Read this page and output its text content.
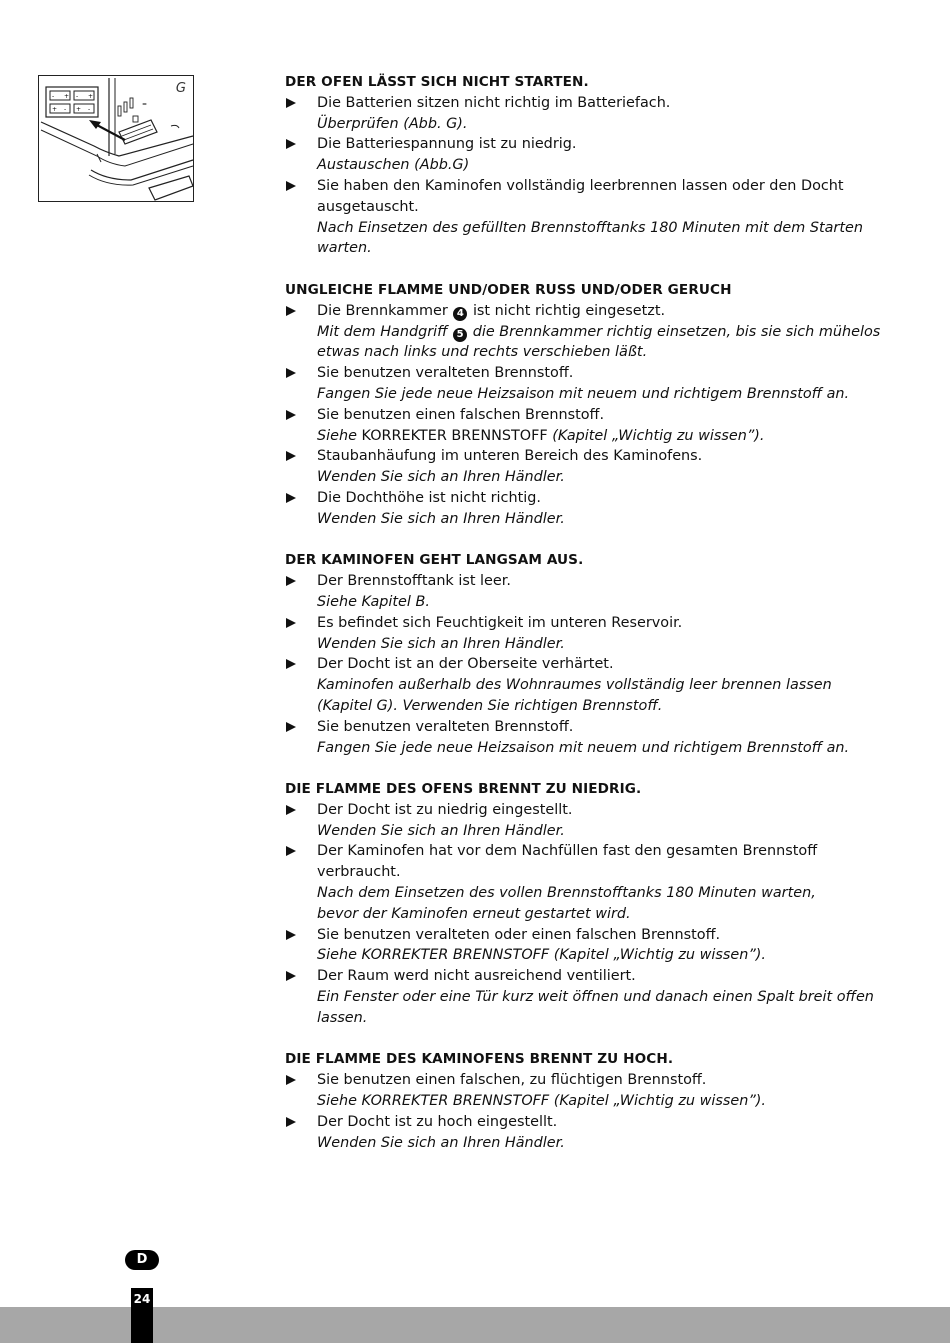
- + - +
+ - + -
=
G	DER OFEN LÄSST SICH NICHT STARTEN.
Die Batterien sitzen nicht richtig im Batteriefach.
Überprüfen (Abb. G).
Die Batteriespannung ist zu niedrig.
Austauschen (Abb.G)
Sie haben den Kaminofen vollständig leerbrennen lassen oder den Docht ausgetauscht.
Nach Einsetzen des gefüllten Brennstofftanks 180 Minuten mit dem Starten warten.
UNGLEICHE FLAMME UND/ODER RUSS UND/ODER GERUCH
Die Brennkammer 4 ist nicht richtig eingesetzt.
Mit dem Handgriff 5 die Brennkammer richtig einsetzen, bis sie sich mühelos etwas nach links und rechts verschieben läßt.
Sie benutzen veralteten Brennstoff.
Fangen Sie jede neue Heizsaison mit neuem und richtigem Brennstoff an.
Sie benutzen einen falschen Brennstoff.
Siehe KORREKTER BRENNSTOFF (Kapitel „Wichtig zu wissen”).
Staubanhäufung im unteren Bereich des Kaminofens.
Wenden Sie sich an Ihren Händler.
Die Dochthöhe ist nicht richtig.
Wenden Sie sich an Ihren Händler.
DER KAMINOFEN GEHT LANGSAM AUS.
Der Brennstofftank ist leer.
Siehe Kapitel B.
Es befindet sich Feuchtigkeit im unteren Reservoir.
Wenden Sie sich an Ihren Händler.
Der Docht ist an der Oberseite verhärtet.
Kaminofen außerhalb des Wohnraumes vollständig leer brennen lassen (Kapitel G). Verwenden Sie richtigen Brennstoff.
Sie benutzen veralteten Brennstoff.
Fangen Sie jede neue Heizsaison mit neuem und richtigem Brennstoff an.
DIE FLAMME DES OFENS BRENNT ZU NIEDRIG.
Der Docht ist zu niedrig eingestellt.
Wenden Sie sich an Ihren Händler.
Der Kaminofen hat vor dem Nachfüllen fast den gesamten Brennstoff verbraucht.
Nach dem Einsetzen des vollen Brennstofftanks 180 Minuten warten,
bevor der Kaminofen erneut gestartet wird.
Sie benutzen veralteten oder einen falschen Brennstoff.
Siehe KORREKTER BRENNSTOFF (Kapitel „Wichtig zu wissen”).
Der Raum werd nicht ausreichend ventiliert.
Ein Fenster oder eine Tür kurz weit öffnen und danach einen Spalt breit offen lassen.
DIE FLAMME DES KAMINOFENS BRENNT ZU HOCH.
Sie benutzen einen falschen, zu flüchtigen Brennstoff.
Siehe KORREKTER BRENNSTOFF (Kapitel „Wichtig zu wissen”).
Der Docht ist zu hoch eingestellt.
Wenden Sie sich an Ihren Händler.
D
24
